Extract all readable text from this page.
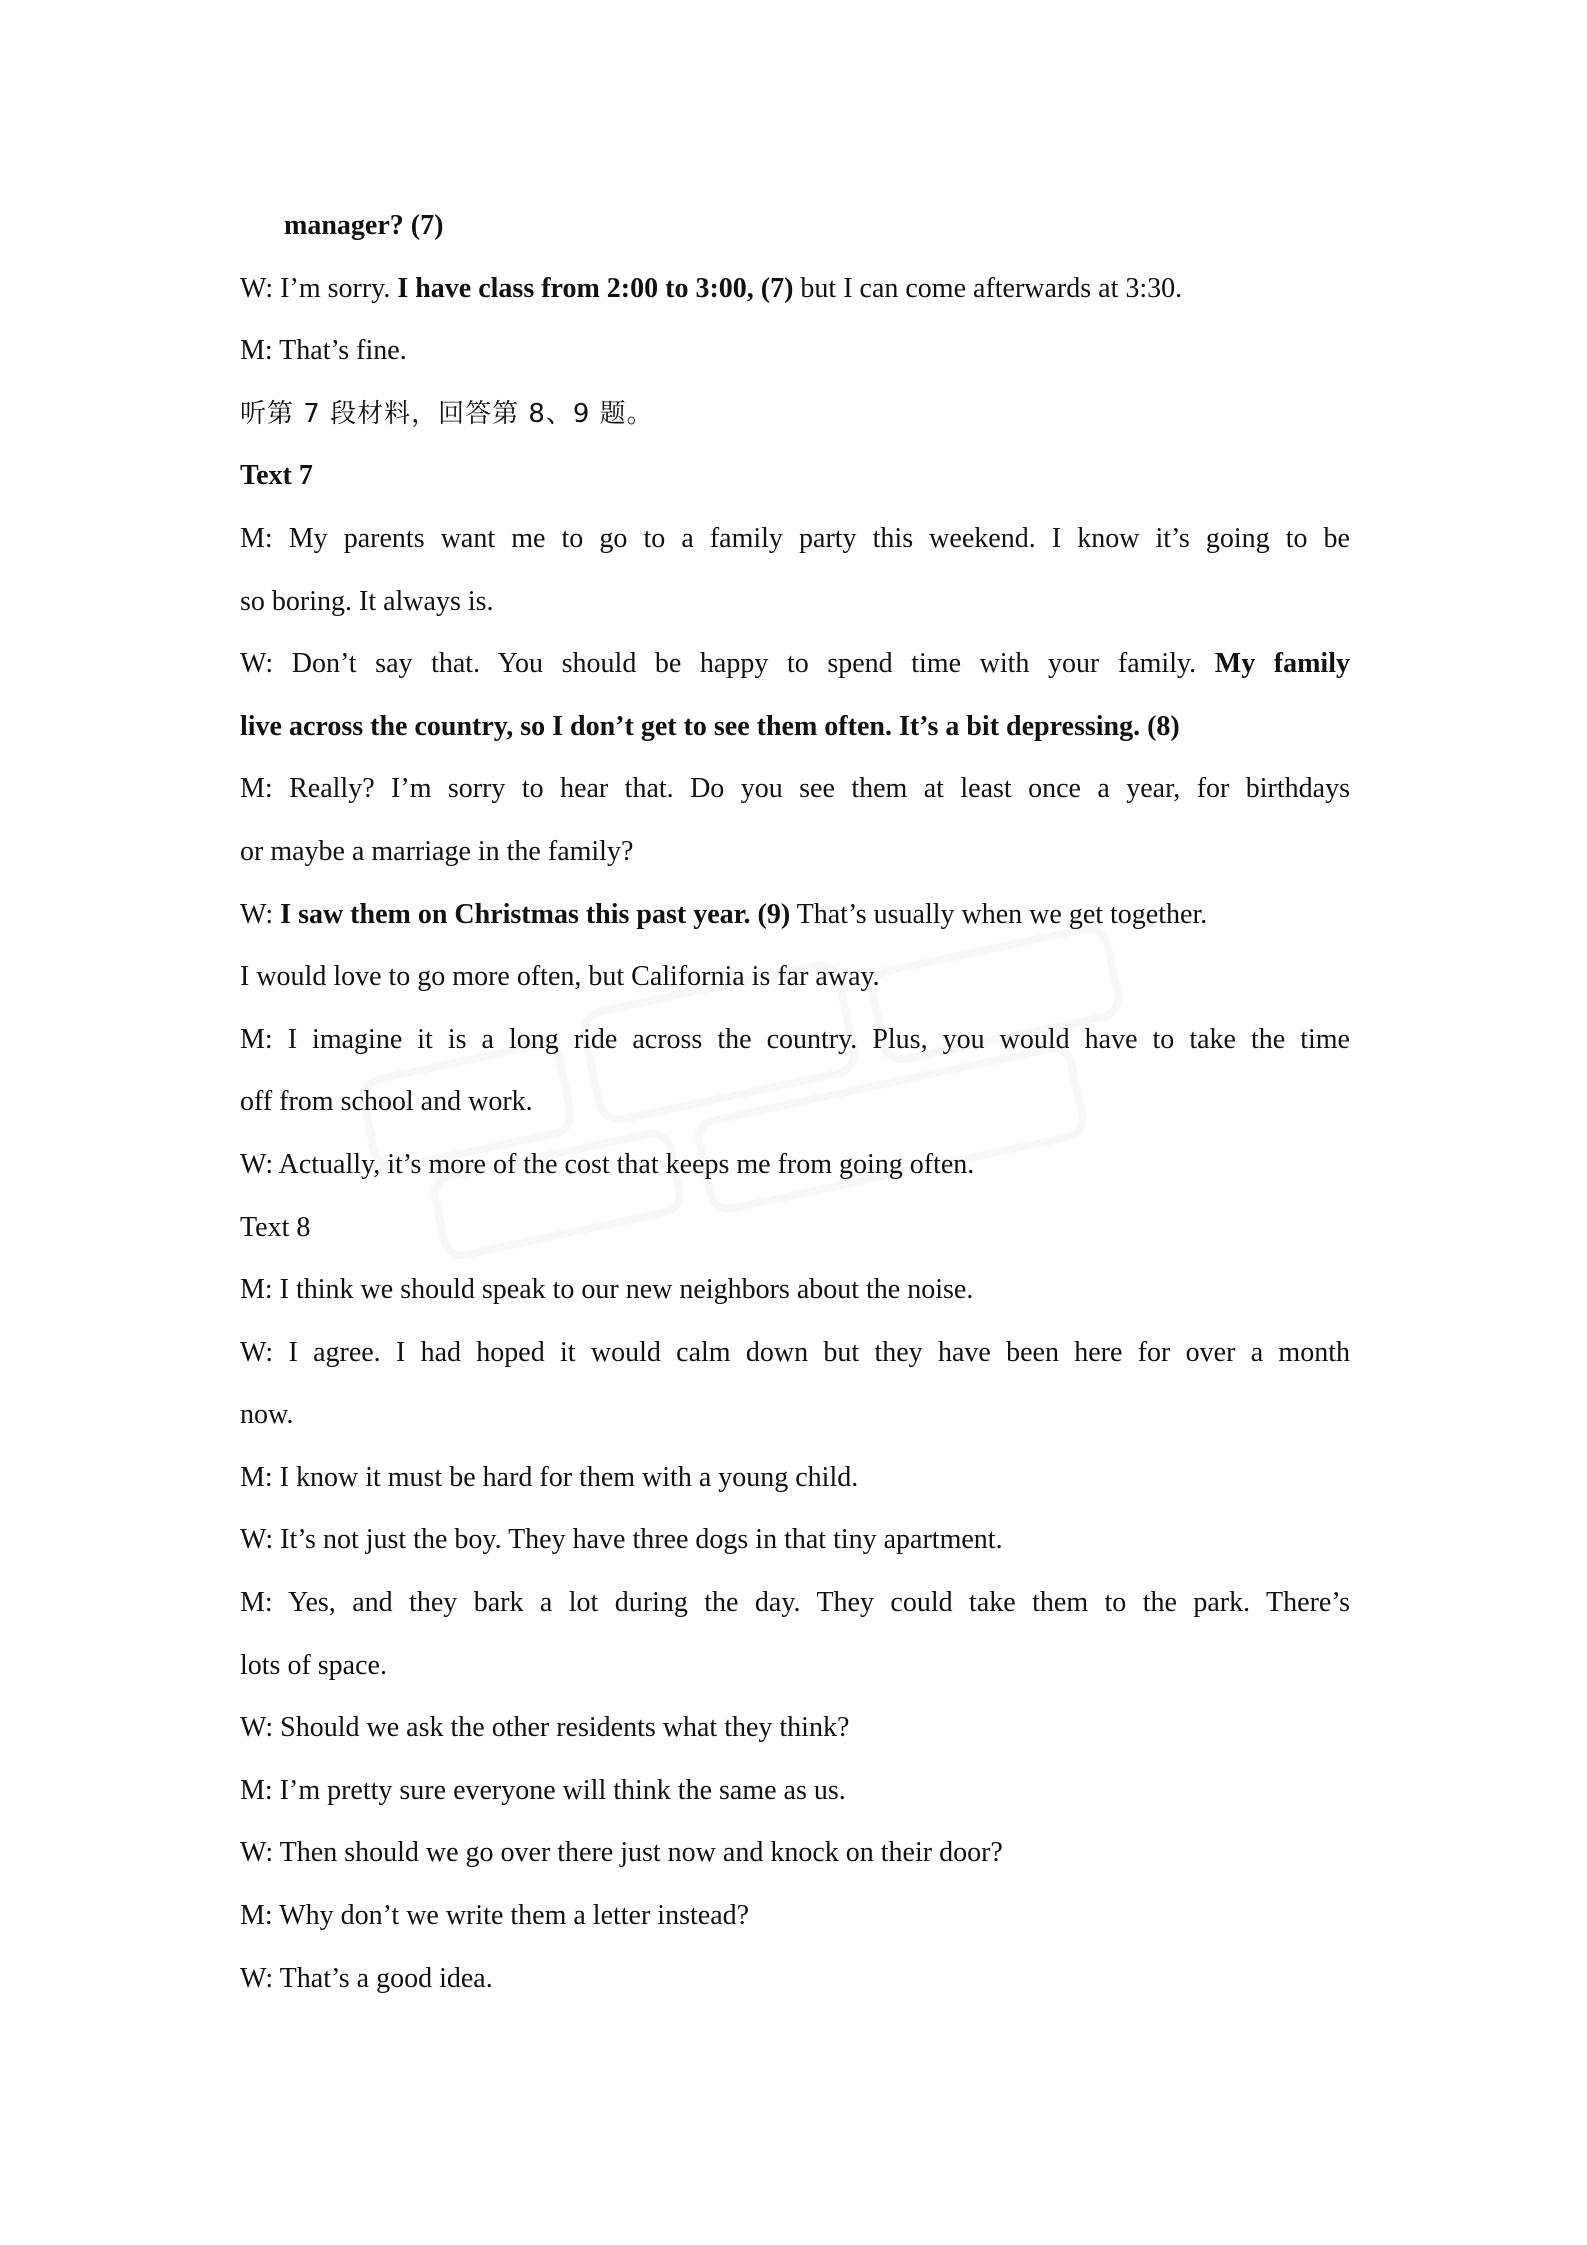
manager? (7)
W: I’m sorry. I have class from 2:00 to 3:00, (7) but I can come afterwards at 3:30.
M: That’s fine.
听第 7 段材料，回答第 8、9 题。
Text 7
M: My parents want me to go to a family party this weekend. I know it’s going to be
so boring. It always is.
W: Don’t say that. You should be happy to spend time with your family. My family
live across the country, so I don’t get to see them often. It’s a bit depressing. (8)
M: Really? I’m sorry to hear that. Do you see them at least once a year, for birthdays
or maybe a marriage in the family?
W: I saw them on Christmas this past year. (9) That’s usually when we get together.
I would love to go more often, but California is far away.
M: I imagine it is a long ride across the country. Plus, you would have to take the time
off from school and work.
W: Actually, it’s more of the cost that keeps me from going often.
Text 8
M: I think we should speak to our new neighbors about the noise.
W: I agree. I had hoped it would calm down but they have been here for over a month
now.
M: I know it must be hard for them with a young child.
W: It’s not just the boy. They have three dogs in that tiny apartment.
M: Yes, and they bark a lot during the day. They could take them to the park. There’s
lots of space.
W: Should we ask the other residents what they think?
M: I’m pretty sure everyone will think the same as us.
W: Then should we go over there just now and knock on their door?
M: Why don’t we write them a letter instead?
W: That’s a good idea.
